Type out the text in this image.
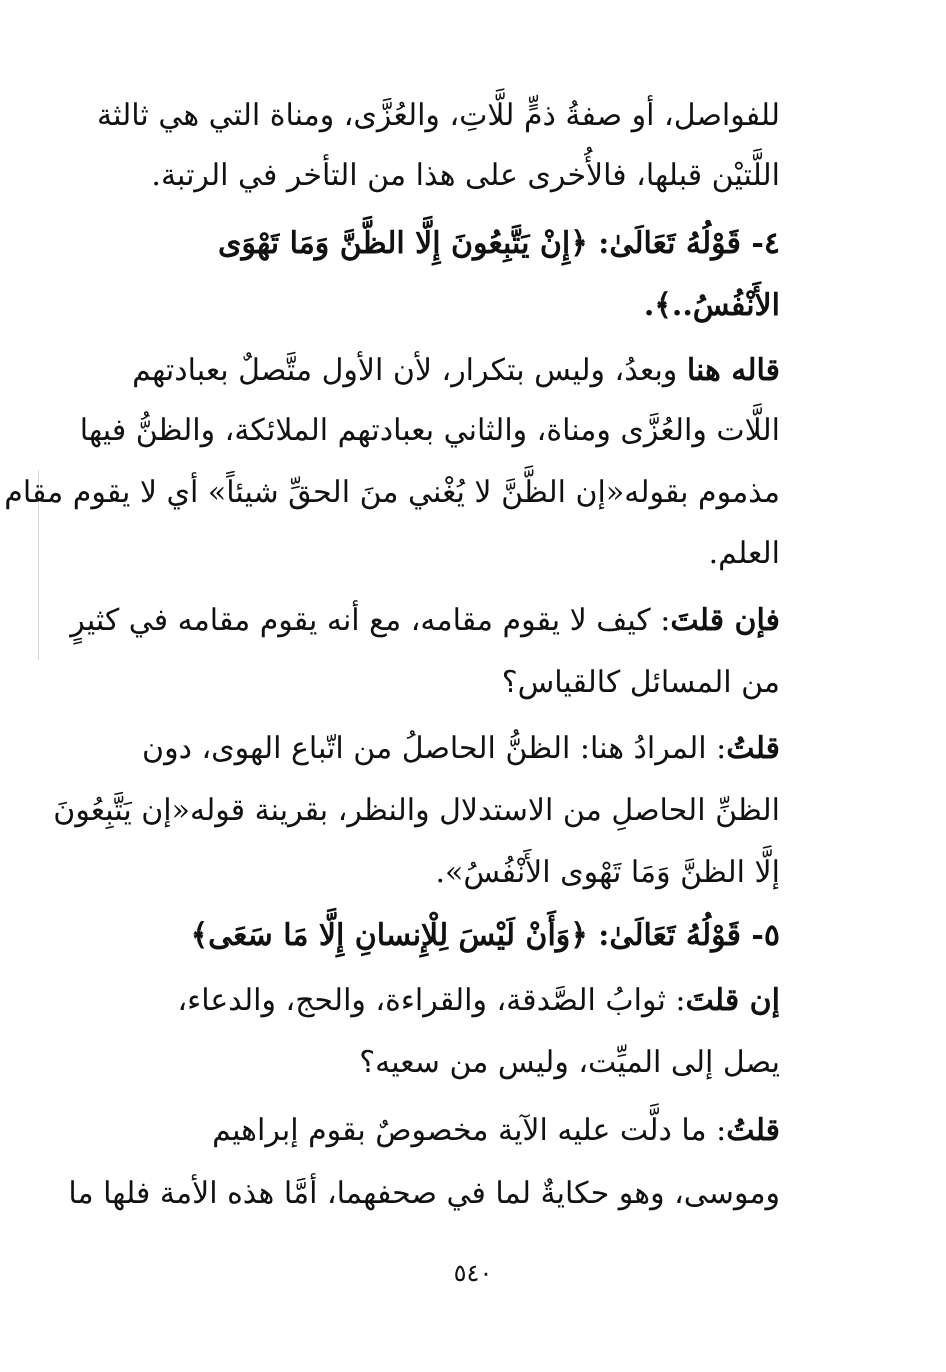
للفواصل، أو صفةُ ذمٍّ للَّاتِ، والعُزَّى، ومناة التي هي ثالثة
اللَّتيْن قبلها، فالأُخرى على هذا من التأخر في الرتبة.
٤- قَوْلُهُ تَعَالَىٰ: ﴿إِنْ يَتَّبِعُونَ إِلَّا الظَّنَّ وَمَا تَهْوَى
الأَنْفُسُ..﴾.
قاله هنا وبعدُ، وليس بتكرار، لأن الأول متَّصلٌ بعبادتهم
اللَّات والعُزَّى ومناة، والثاني بعبادتهم الملائكة، والظنُّ فيها
مذموم بقوله«إن الظَّنَّ لا يُغْني منَ الحقِّ شيئاً» أي لا يقوم مقام
العلم.
فإن قلتَ: كيف لا يقوم مقامه، مع أنه يقوم مقامه في كثيرٍ
من المسائل كالقياس؟
قلتُ: المرادُ هنا: الظنُّ الحاصلُ من اتّباع الهوى، دون
الظنِّ الحاصلِ من الاستدلال والنظر، بقرينة قوله«إن يَتَّبِعُونَ
إلَّا الظنَّ وَمَا تَهْوى الأَنْفُسُ».
٥- قَوْلُهُ تَعَالَىٰ: ﴿وَأَنْ لَيْسَ لِلْإِنسانِ إِلَّا مَا سَعَى﴾
إن قلتَ: ثوابُ الصَّدقة، والقراءة، والحج، والدعاء،
يصل إلى الميِّت، وليس من سعيه؟
قلتُ: ما دلَّت عليه الآية مخصوصٌ بقوم إبراهيم
وموسى، وهو حكايةٌ لما في صحفهما، أمَّا هذه الأمة فلها ما
٥٤٠
